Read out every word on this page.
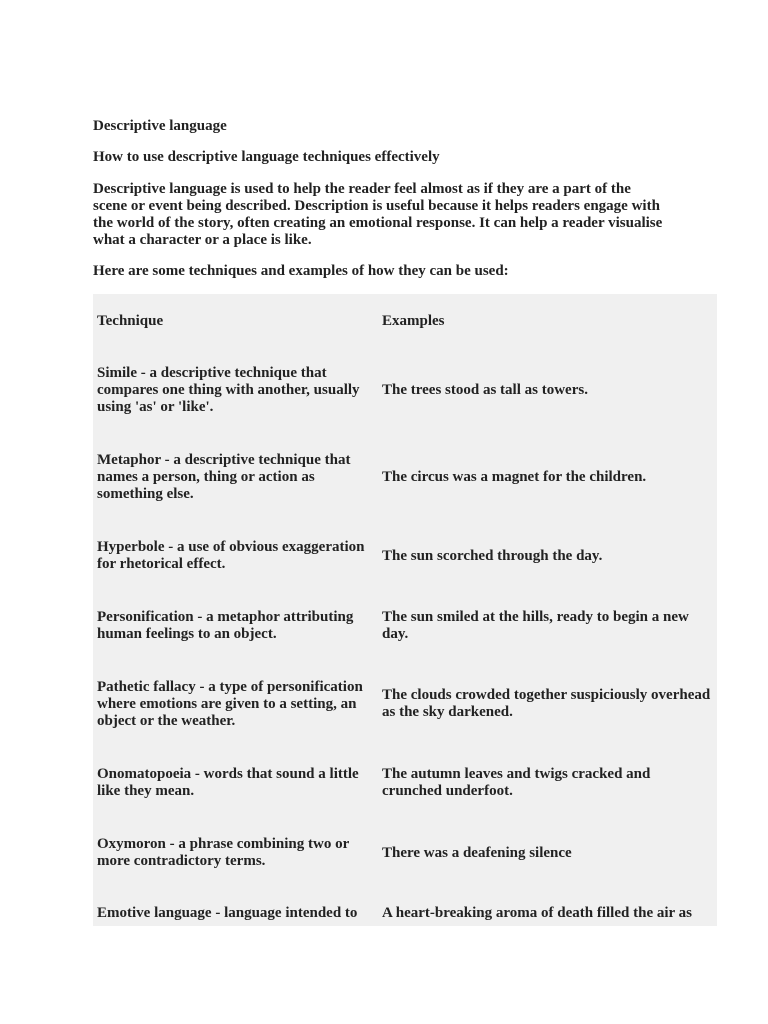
Descriptive language

How to use descriptive language techniques effectively

Descriptive language is used to help the reader feel almost as if they are a part of the scene or event being described. Description is useful because it helps readers engage with the world of the story, often creating an emotional response. It can help a reader visualise what a character or a place is like.

Here are some techniques and examples of how they can be used:

Technique	Examples
Simile - a descriptive technique that compares one thing with another, usually using 'as' or 'like'.
The trees stood as tall as towers.
Metaphor - a descriptive technique that names a person, thing or action as something else.
The circus was a magnet for the children.
Hyperbole - a use of obvious exaggeration for rhetorical effect.
The sun scorched through the day.
Personification - a metaphor attributing human feelings to an object.
The sun smiled at the hills, ready to begin a new day.
Pathetic fallacy - a type of personification where emotions are given to a setting, an object or the weather.
The clouds crowded together suspiciously overhead as the sky darkened.
Onomatopoeia - words that sound a little like they mean.
The autumn leaves and twigs cracked and crunched underfoot.
Oxymoron - a phrase combining two or more contradictory terms.
There was a deafening silence
Emotive language - language intended to	A heart-breaking aroma of death filled the air as
